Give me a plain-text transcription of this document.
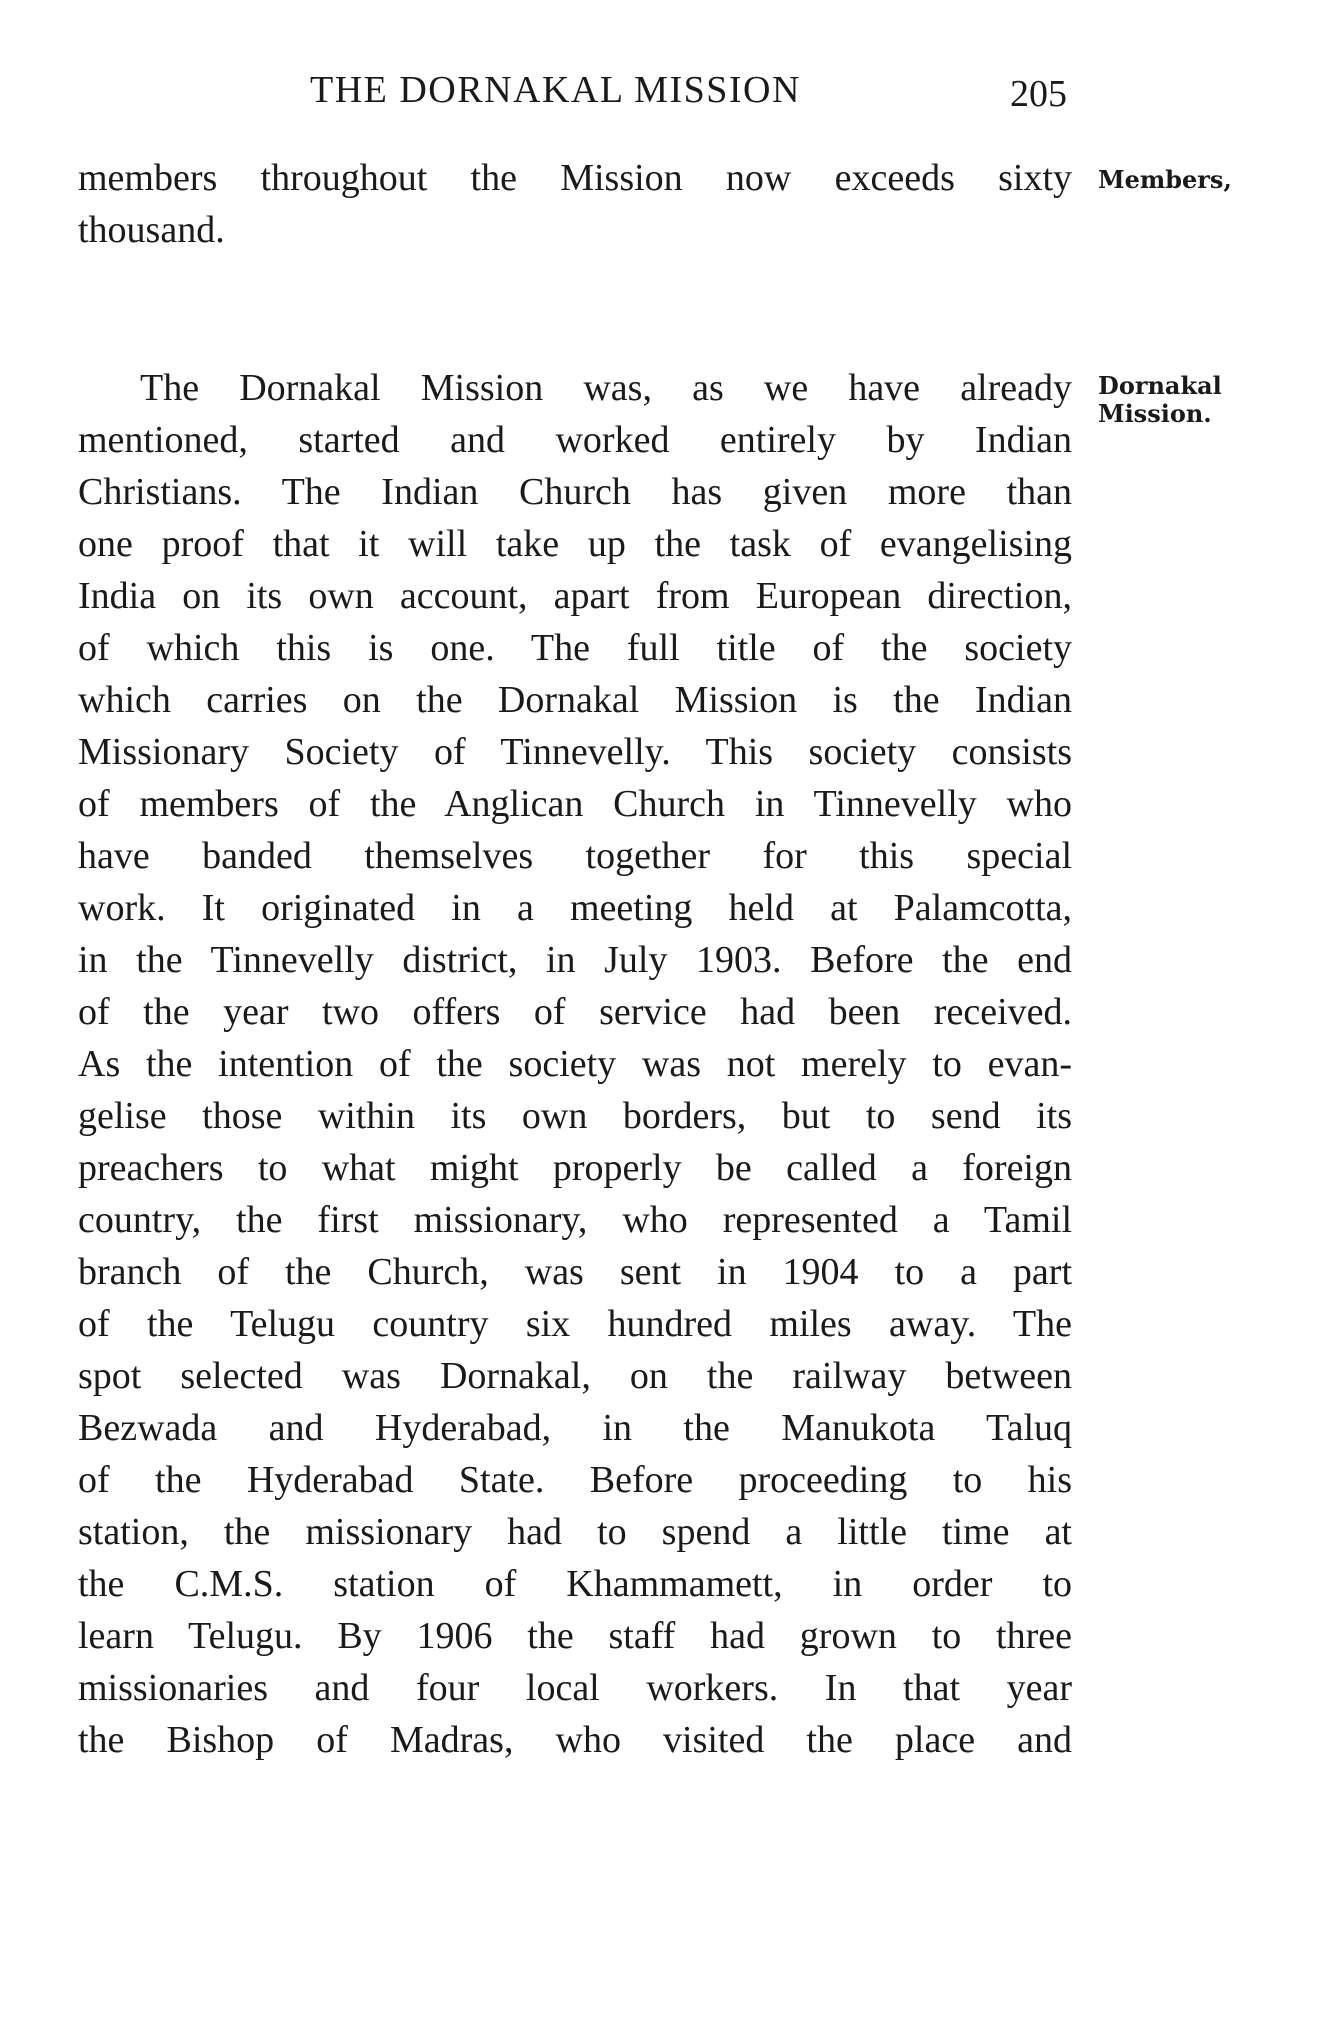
THE DORNAKAL MISSION	205
members throughout the Mission now exceeds sixty
thousand.
Members,
The Dornakal Mission was, as we have already
mentioned, started and worked entirely by Indian
Christians. The Indian Church has given more than
one proof that it will take up the task of evangelising
India on its own account, apart from European direction,
of which this is one. The full title of the society
which carries on the Dornakal Mission is the Indian
Missionary Society of Tinnevelly. This society consists
of members of the Anglican Church in Tinnevelly who
have banded themselves together for this special
work. It originated in a meeting held at Palamcotta,
in the Tinnevelly district, in July 1903. Before the end
of the year two offers of service had been received.
As the intention of the society was not merely to evan-
gelise those within its own borders, but to send its
preachers to what might properly be called a foreign
country, the first missionary, who represented a Tamil
branch of the Church, was sent in 1904 to a part
of the Telugu country six hundred miles away. The
spot selected was Dornakal, on the railway between
Bezwada and Hyderabad, in the Manukota Taluq
of the Hyderabad State. Before proceeding to his
station, the missionary had to spend a little time at
the C.M.S. station of Khammamett, in order to
learn Telugu. By 1906 the staff had grown to three
missionaries and four local workers. In that year
the Bishop of Madras, who visited the place and
Dornakal
Mission.
